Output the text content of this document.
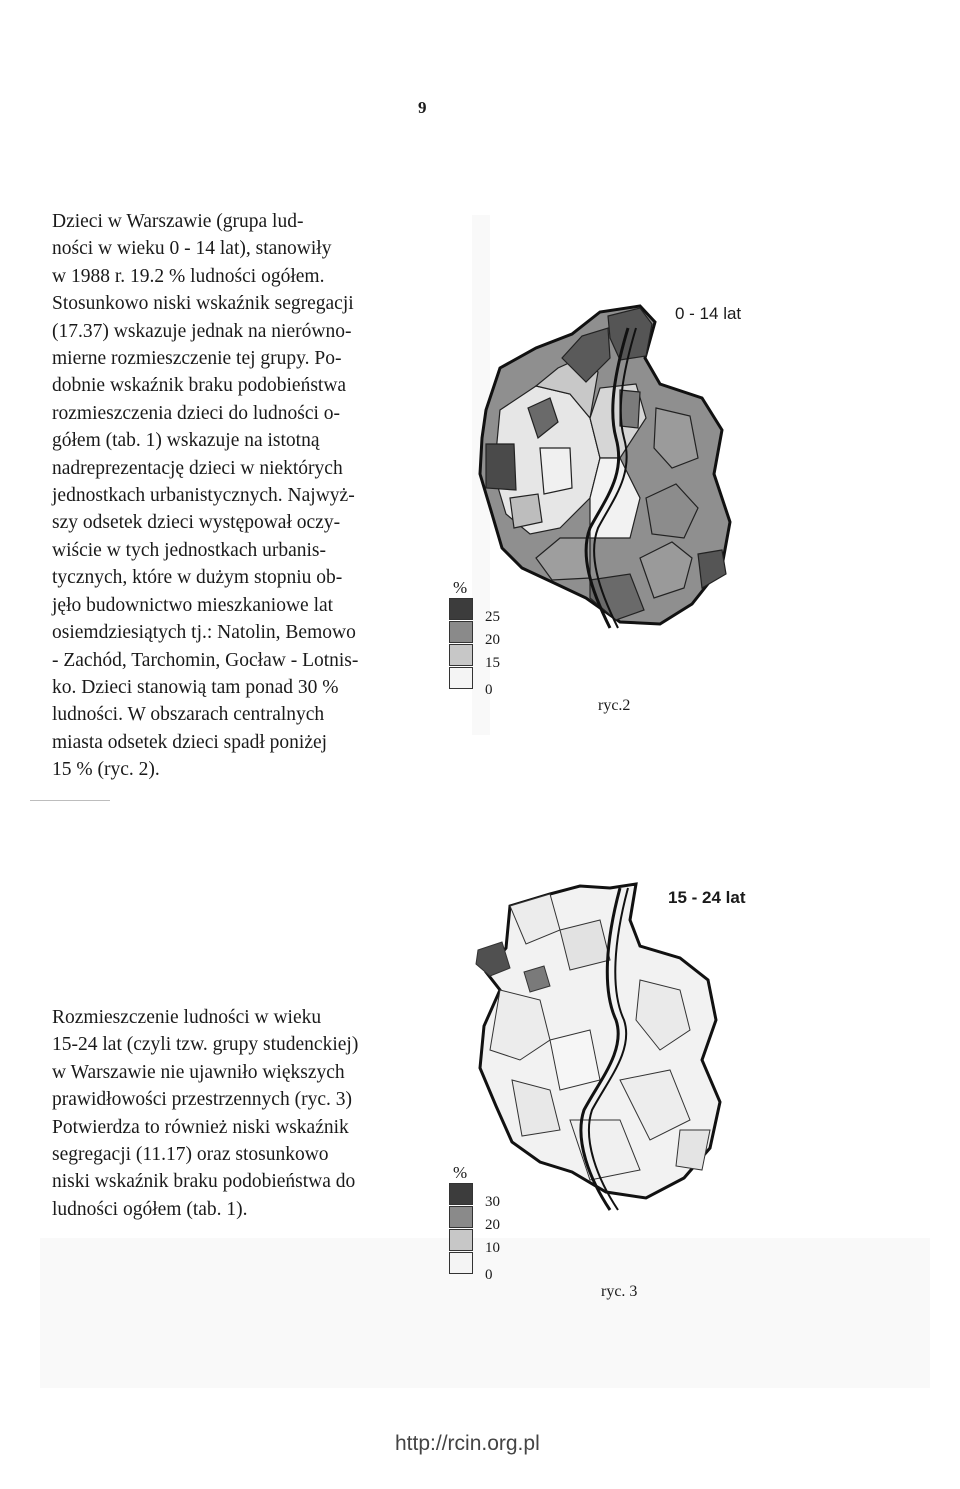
9

Dzieci w Warszawie (grupa lud-
ności w wieku 0 - 14 lat), stanowiły
w 1988 r. 19.2 % ludności ogółem.
Stosunkowo niski wskaźnik segregacji
(17.37) wskazuje jednak na nierówno-
mierne rozmieszczenie tej grupy. Po-
dobnie wskaźnik braku podobieństwa
rozmieszczenia dzieci do ludności o-
gółem (tab. 1) wskazuje na istotną
nadreprezentację dzieci w niektórych
jednostkach urbanistycznych. Najwyż-
szy odsetek dzieci występował oczy-
wiście w tych jednostkach urbanis-
tycznych, które w dużym stopniu ob-
jęło budownictwo mieszkaniowe lat
osiemdziesiątych tj.: Natolin, Bemowo
- Zachód, Tarchomin, Gocław - Lotnis-
ko. Dzieci stanowią tam ponad 30 %
ludności. W obszarach centralnych
miasta odsetek dzieci spadł poniżej
15 % (ryc. 2).

Rozmieszczenie ludności w wieku
15-24 lat (czyli tzw. grupy studenckiej)
w Warszawie nie ujawniło większych
prawidłowości przestrzennych (ryc. 3)
Potwierdza to również niski wskaźnik
segregacji (11.17) oraz stosunkowo
niski wskaźnik braku podobieństwa do
ludności ogółem (tab. 1).

0 - 14 lat
%
25
20
15
0
ryc.2
15 - 24 lat
%
30
20
10
0
ryc. 3
http://rcin.org.pl
